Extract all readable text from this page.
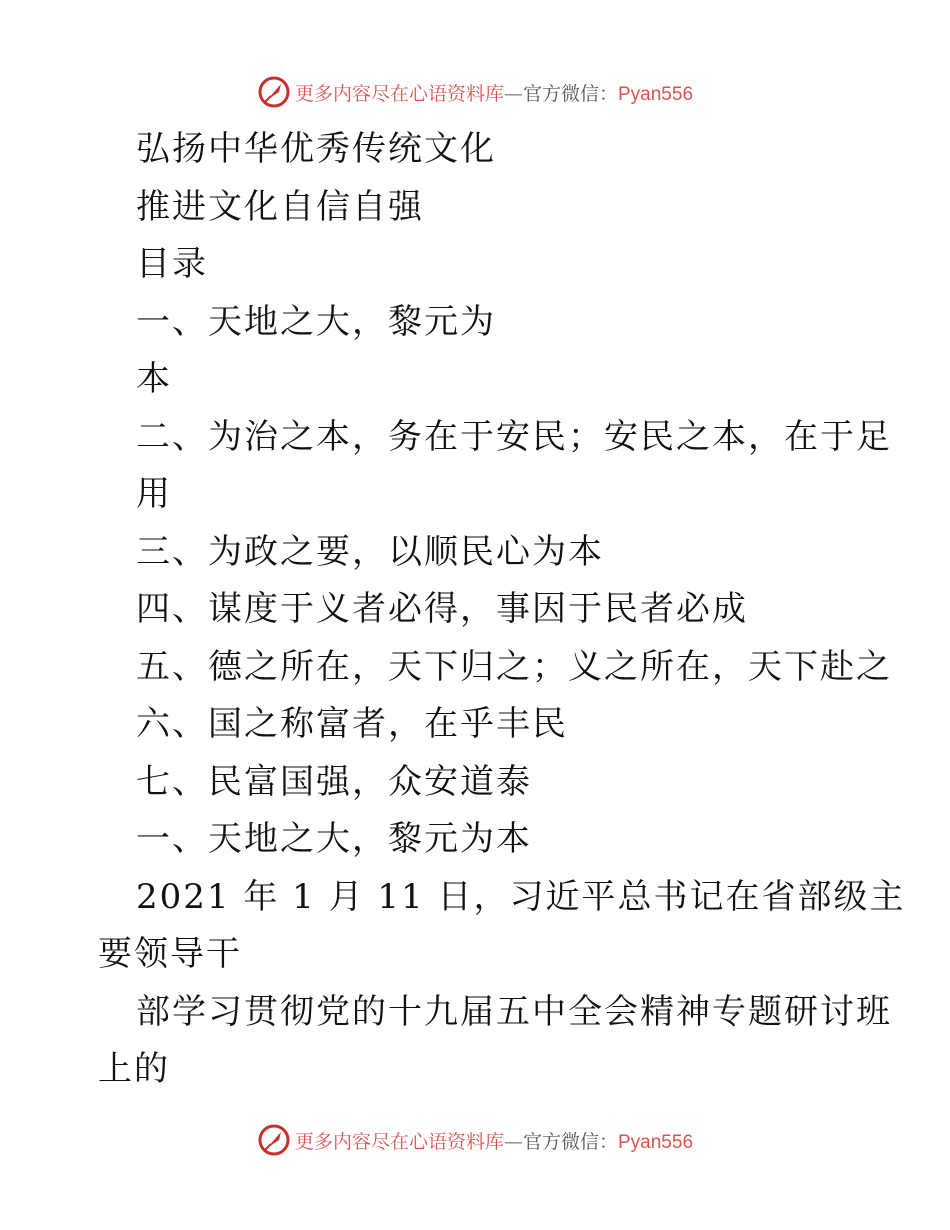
更多内容尽在心语资料库—官方微信：Pyan556
弘扬中华优秀传统文化
推进文化自信自强
目录
一、天地之大，黎元为
本
二、为治之本，务在于安民；安民之本，在于足
用
三、为政之要，以顺民心为本
四、谋度于义者必得，事因于民者必成
五、德之所在，天下归之；义之所在，天下赴之
六、国之称富者，在乎丰民
七、民富国强，众安道泰
一、天地之大，黎元为本
2021 年 1 月 11 日，习近平总书记在省部级主
要领导干
部学习贯彻党的十九届五中全会精神专题研讨班
上的
更多内容尽在心语资料库—官方微信：Pyan556
